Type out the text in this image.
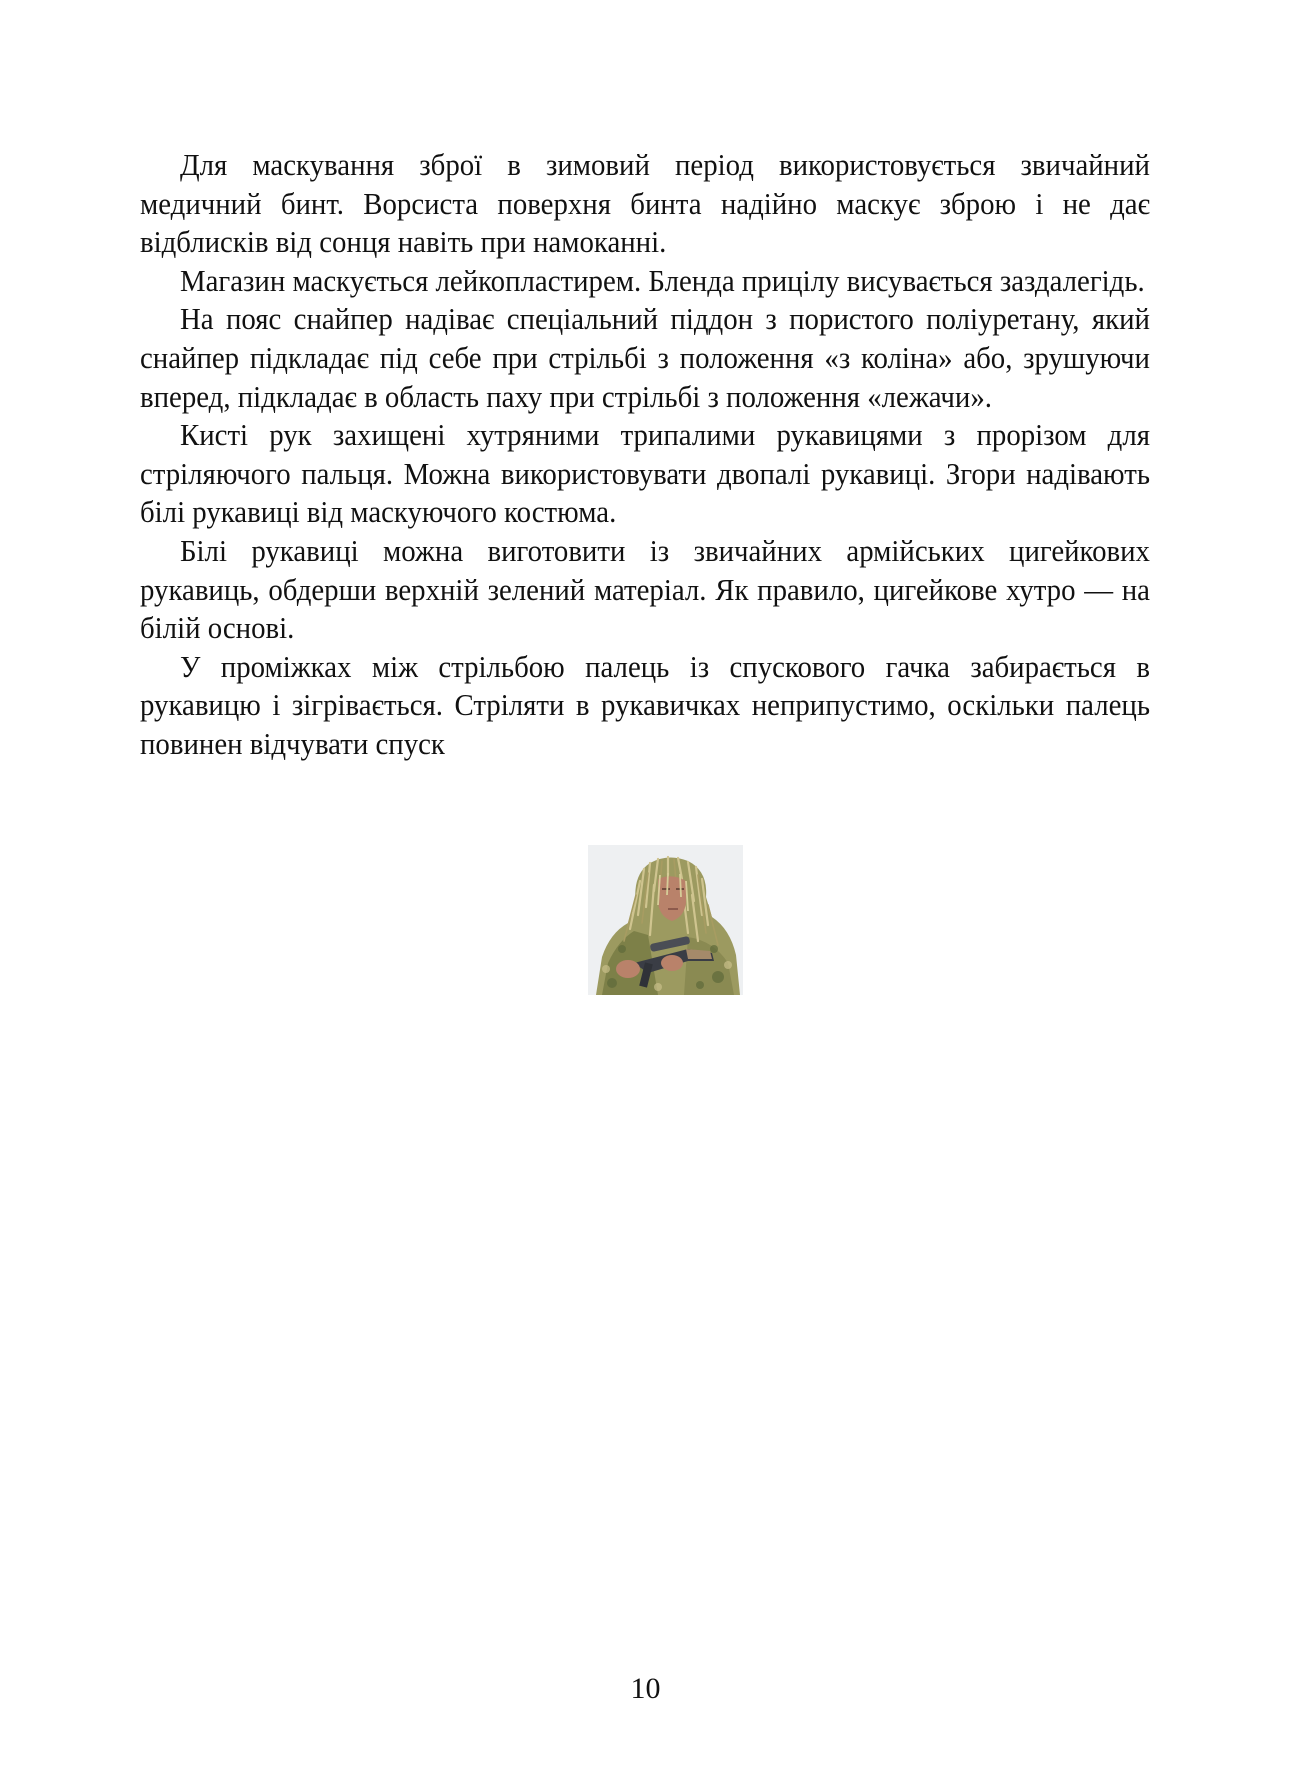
Для маскування зброї в зимовий період використовується звичайний медичний бинт. Ворсиста поверхня бинта надійно маскує зброю і не дає відблисків від сонця навіть при намоканні.

Магазин маскується лейкопластирем. Бленда прицілу висувається заздалегідь.

На пояс снайпер надіває спеціальний піддон з пористого поліуретану, який снайпер підкладає під себе при стрільбі з положення «з коліна» або, зрушуючи вперед, підкладає в область паху при стрільбі з положення «лежачи».

Кисті рук захищені хутряними трипалими рукавицями з прорізом для стріляючого пальця. Можна використовувати двопалі рукавиці. Згори надівають білі рукавиці від маскуючого костюма.

Білі рукавиці можна виготовити із звичайних армійських цигейкових рукавиць, обдерши верхній зелений матеріал. Як правило, цигейкове хутро — на білій основі.

У проміжках між стрільбою палець із спускового гачка забирається в рукавицю і зігрівається. Стріляти в рукавичках неприпустимо, оскільки палець повинен відчувати спуск

10
